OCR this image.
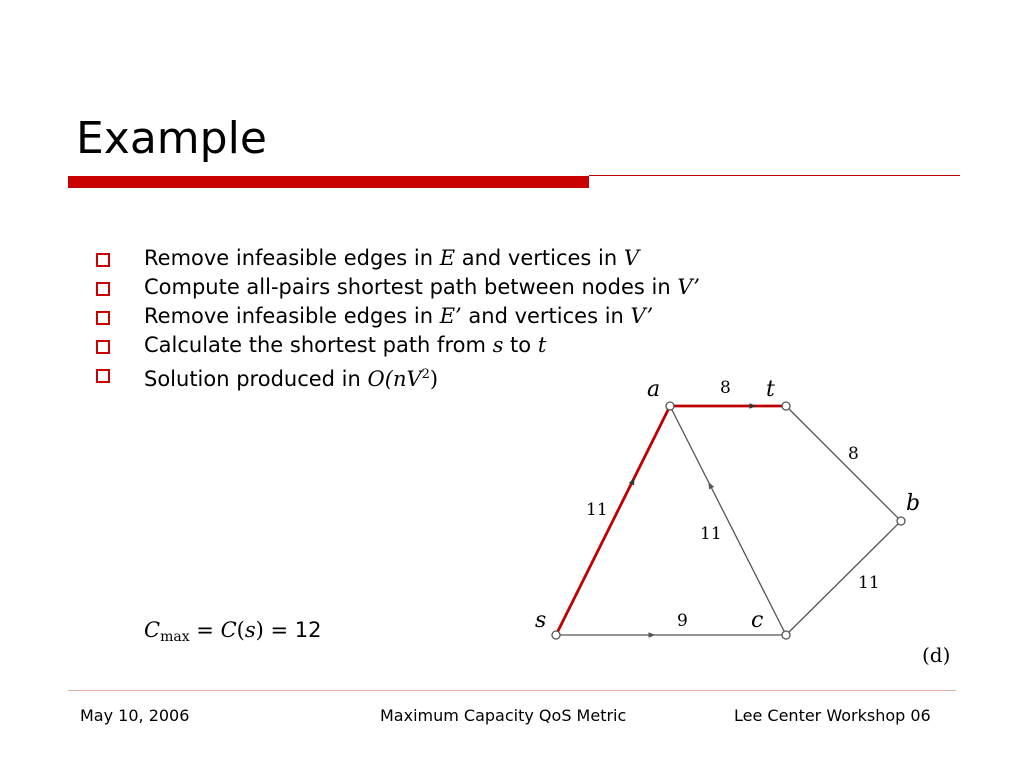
Example
Remove infeasible edges in E and vertices in V
Compute all-pairs shortest path between nodes in V’
Remove infeasible edges in E’ and vertices in V’
Calculate the shortest path from s to t
Solution produced in $O(nV^2)$
$C_{max} = C(s) = 12$
a	t
b
s	c
8
8
11
11
11
9
(d)
May 10, 2006	Maximum Capacity QoS Metric	Lee Center Workshop 06
